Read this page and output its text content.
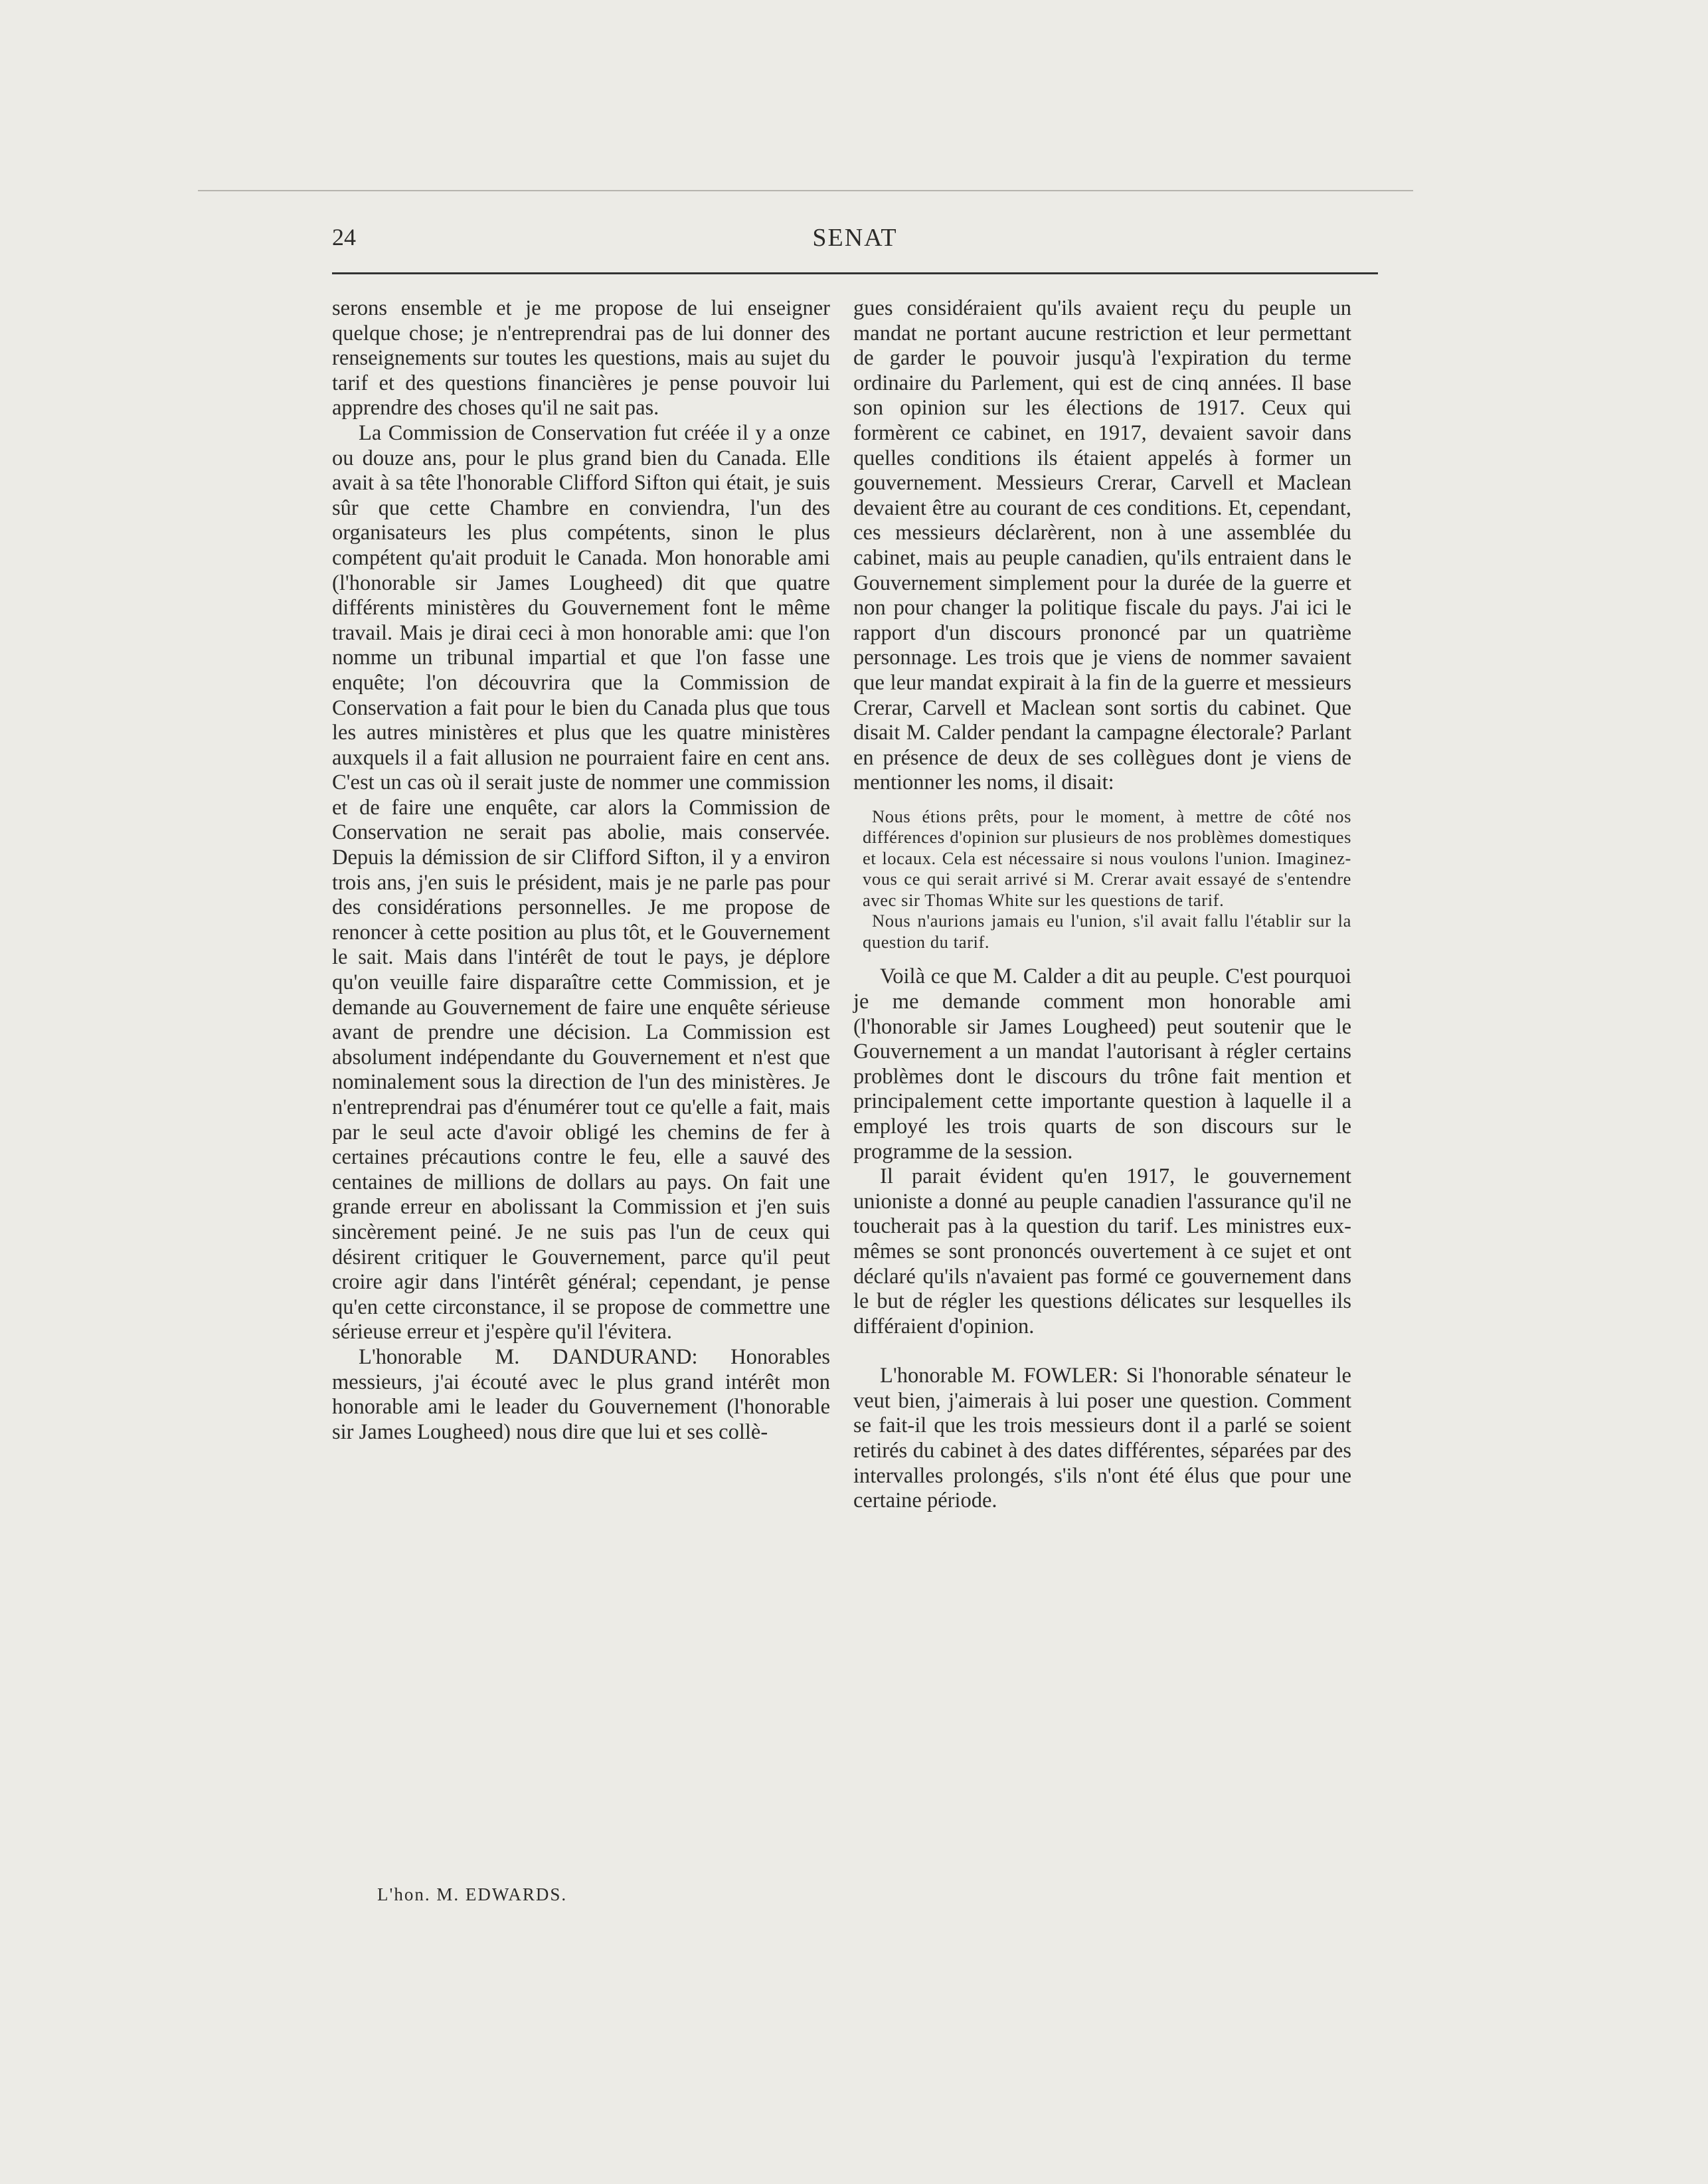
24	SENAT

serons ensemble et je me propose de lui enseigner quelque chose; je n'entreprendrai pas de lui donner des renseignements sur toutes les questions, mais au sujet du tarif et des questions financières je pense pouvoir lui apprendre des choses qu'il ne sait pas.

La Commission de Conservation fut créée il y a onze ou douze ans, pour le plus grand bien du Canada. Elle avait à sa tête l'honorable Clifford Sifton qui était, je suis sûr que cette Chambre en conviendra, l'un des organisateurs les plus compétents, sinon le plus compétent qu'ait produit le Canada. Mon honorable ami (l'honorable sir James Lougheed) dit que quatre différents ministères du Gouvernement font le même travail. Mais je dirai ceci à mon honorable ami: que l'on nomme un tribunal impartial et que l'on fasse une enquête; l'on découvrira que la Commission de Conservation a fait pour le bien du Canada plus que tous les autres ministères et plus que les quatre ministères auxquels il a fait allusion ne pourraient faire en cent ans. C'est un cas où il serait juste de nommer une commission et de faire une enquête, car alors la Commission de Conservation ne serait pas abolie, mais conservée. Depuis la démission de sir Clifford Sifton, il y a environ trois ans, j'en suis le président, mais je ne parle pas pour des considérations personnelles. Je me propose de renoncer à cette position au plus tôt, et le Gouvernement le sait. Mais dans l'intérêt de tout le pays, je déplore qu'on veuille faire disparaître cette Commission, et je demande au Gouvernement de faire une enquête sérieuse avant de prendre une décision. La Commission est absolument indépendante du Gouvernement et n'est que nominalement sous la direction de l'un des ministères. Je n'entreprendrai pas d'énumérer tout ce qu'elle a fait, mais par le seul acte d'avoir obligé les chemins de fer à certaines précautions contre le feu, elle a sauvé des centaines de millions de dollars au pays. On fait une grande erreur en abolissant la Commission et j'en suis sincèrement peiné. Je ne suis pas l'un de ceux qui désirent critiquer le Gouvernement, parce qu'il peut croire agir dans l'intérêt général; cependant, je pense qu'en cette circonstance, il se propose de commettre une sérieuse erreur et j'espère qu'il l'évitera.

L'honorable M. DANDURAND: Honorables messieurs, j'ai écouté avec le plus grand intérêt mon honorable ami le leader du Gouvernement (l'honorable sir James Lougheed) nous dire que lui et ses collè-

gues considéraient qu'ils avaient reçu du peuple un mandat ne portant aucune restriction et leur permettant de garder le pouvoir jusqu'à l'expiration du terme ordinaire du Parlement, qui est de cinq années. Il base son opinion sur les élections de 1917. Ceux qui formèrent ce cabinet, en 1917, devaient savoir dans quelles conditions ils étaient appelés à former un gouvernement. Messieurs Crerar, Carvell et Maclean devaient être au courant de ces conditions. Et, cependant, ces messieurs déclarèrent, non à une assemblée du cabinet, mais au peuple canadien, qu'ils entraient dans le Gouvernement simplement pour la durée de la guerre et non pour changer la politique fiscale du pays. J'ai ici le rapport d'un discours prononcé par un quatrième personnage. Les trois que je viens de nommer savaient que leur mandat expirait à la fin de la guerre et messieurs Crerar, Carvell et Maclean sont sortis du cabinet. Que disait M. Calder pendant la campagne électorale? Parlant en présence de deux de ses collègues dont je viens de mentionner les noms, il disait:

Nous étions prêts, pour le moment, à mettre de côté nos différences d'opinion sur plusieurs de nos problèmes domestiques et locaux. Cela est nécessaire si nous voulons l'union. Imaginez-vous ce qui serait arrivé si M. Crerar avait essayé de s'entendre avec sir Thomas White sur les questions de tarif.

Nous n'aurions jamais eu l'union, s'il avait fallu l'établir sur la question du tarif.

Voilà ce que M. Calder a dit au peuple. C'est pourquoi je me demande comment mon honorable ami (l'honorable sir James Lougheed) peut soutenir que le Gouvernement a un mandat l'autorisant à régler certains problèmes dont le discours du trône fait mention et principalement cette importante question à laquelle il a employé les trois quarts de son discours sur le programme de la session.

Il parait évident qu'en 1917, le gouvernement unioniste a donné au peuple canadien l'assurance qu'il ne toucherait pas à la question du tarif. Les ministres eux-mêmes se sont prononcés ouvertement à ce sujet et ont déclaré qu'ils n'avaient pas formé ce gouvernement dans le but de régler les questions délicates sur lesquelles ils différaient d'opinion.

L'honorable M. FOWLER: Si l'honorable sénateur le veut bien, j'aimerais à lui poser une question. Comment se fait-il que les trois messieurs dont il a parlé se soient retirés du cabinet à des dates différentes, séparées par des intervalles prolongés, s'ils n'ont été élus que pour une certaine période.

L'hon. M. EDWARDS.
